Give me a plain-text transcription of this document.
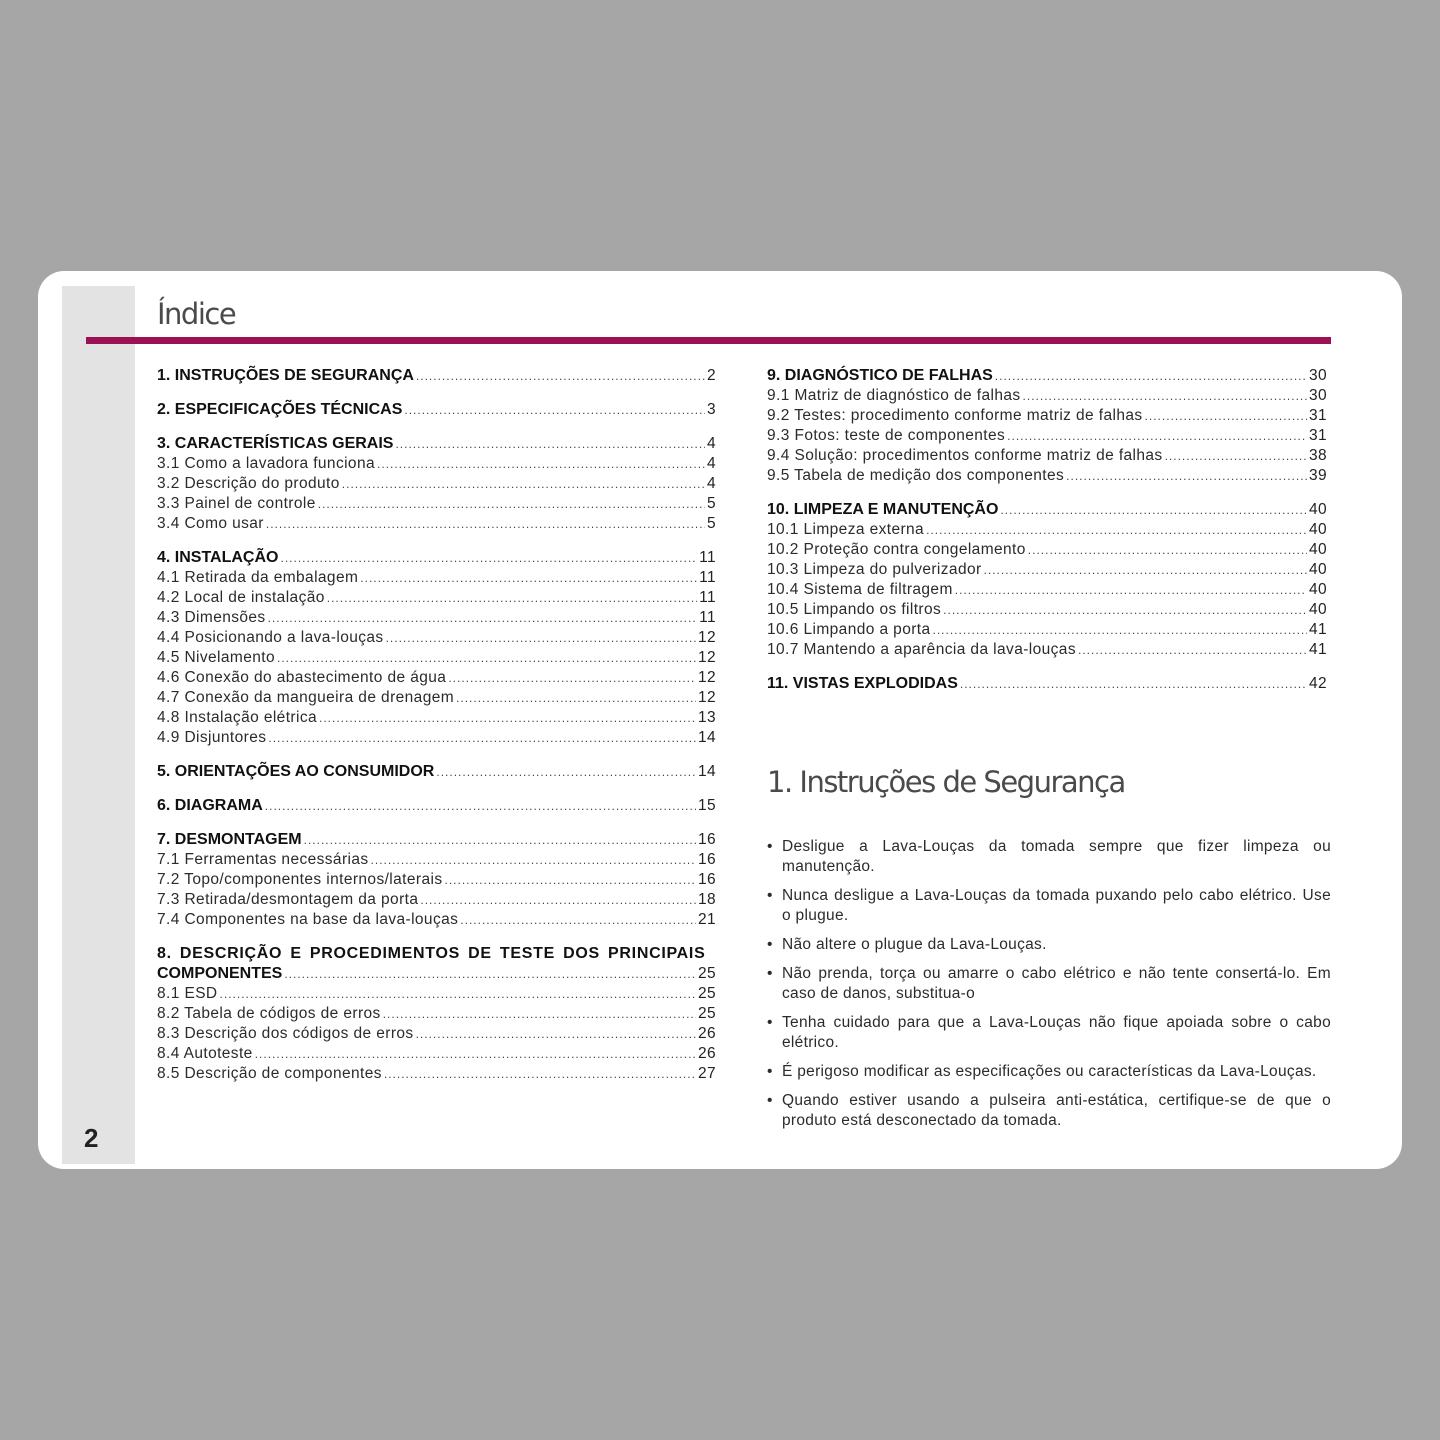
2
Índice
1. INSTRUÇÕES DE SEGURANÇA .....	2
2. ESPECIFICAÇÕES TÉCNICAS .....	3
3. CARACTERÍSTICAS GERAIS .....	4
3.1 Como a lavadora funciona .....	4
3.2 Descrição do produto .....	4
3.3 Painel de controle .....	5
3.4 Como usar .....	5
4. INSTALAÇÃO .....	11
4.1 Retirada da embalagem .....	11
4.2 Local de instalação .....	11
4.3 Dimensões .....	11
4.4 Posicionando a lava-louças .....	12
4.5 Nivelamento .....	12
4.6 Conexão do abastecimento de água .....	12
4.7 Conexão da mangueira de drenagem .....	12
4.8 Instalação elétrica .....	13
4.9 Disjuntores .....	14
5. ORIENTAÇÕES AO CONSUMIDOR .....	14
6. DIAGRAMA .....	15
7. DESMONTAGEM .....	16
7.1 Ferramentas necessárias .....	16
7.2 Topo/componentes internos/laterais .....	16
7.3 Retirada/desmontagem da porta .....	18
7.4 Componentes na base da lava-louças .....	21
8. DESCRIÇÃO E PROCEDIMENTOS DE TESTE DOS PRINCIPAIS
COMPONENTES .....	25
8.1 ESD .....	25
8.2 Tabela de códigos de erros .....	25
8.3 Descrição dos códigos de erros .....	26
8.4 Autoteste .....	26
8.5 Descrição de componentes .....	27
9. DIAGNÓSTICO DE FALHAS .....	30
9.1 Matriz de diagnóstico de falhas .....	30
9.2 Testes: procedimento conforme matriz de falhas .....	31
9.3 Fotos: teste de componentes .....	31
9.4 Solução: procedimentos conforme matriz de falhas .....	38
9.5 Tabela de medição dos componentes .....	39
10. LIMPEZA E MANUTENÇÃO .....	40
10.1 Limpeza externa .....	40
10.2 Proteção contra congelamento .....	40
10.3 Limpeza do pulverizador .....	40
10.4 Sistema de filtragem .....	40
10.5 Limpando os filtros .....	40
10.6 Limpando a porta .....	41
10.7 Mantendo a aparência da lava-louças .....	41
11. VISTAS EXPLODIDAS .....	42
1. Instruções de Segurança
• Desligue a Lava-Louças da tomada sempre que fizer limpeza ou manutenção.
• Nunca desligue a Lava-Louças da tomada puxando pelo cabo elétrico. Use o plugue.
• Não altere o plugue da Lava-Louças.
• Não prenda, torça ou amarre o cabo elétrico e não tente consertá-lo. Em caso de danos, substitua-o
• Tenha cuidado para que a Lava-Louças não fique apoiada sobre o cabo elétrico.
• É perigoso modificar as especificações ou características da Lava-Louças.
• Quando estiver usando a pulseira anti-estática, certifique-se de que o produto está desconectado da tomada.
